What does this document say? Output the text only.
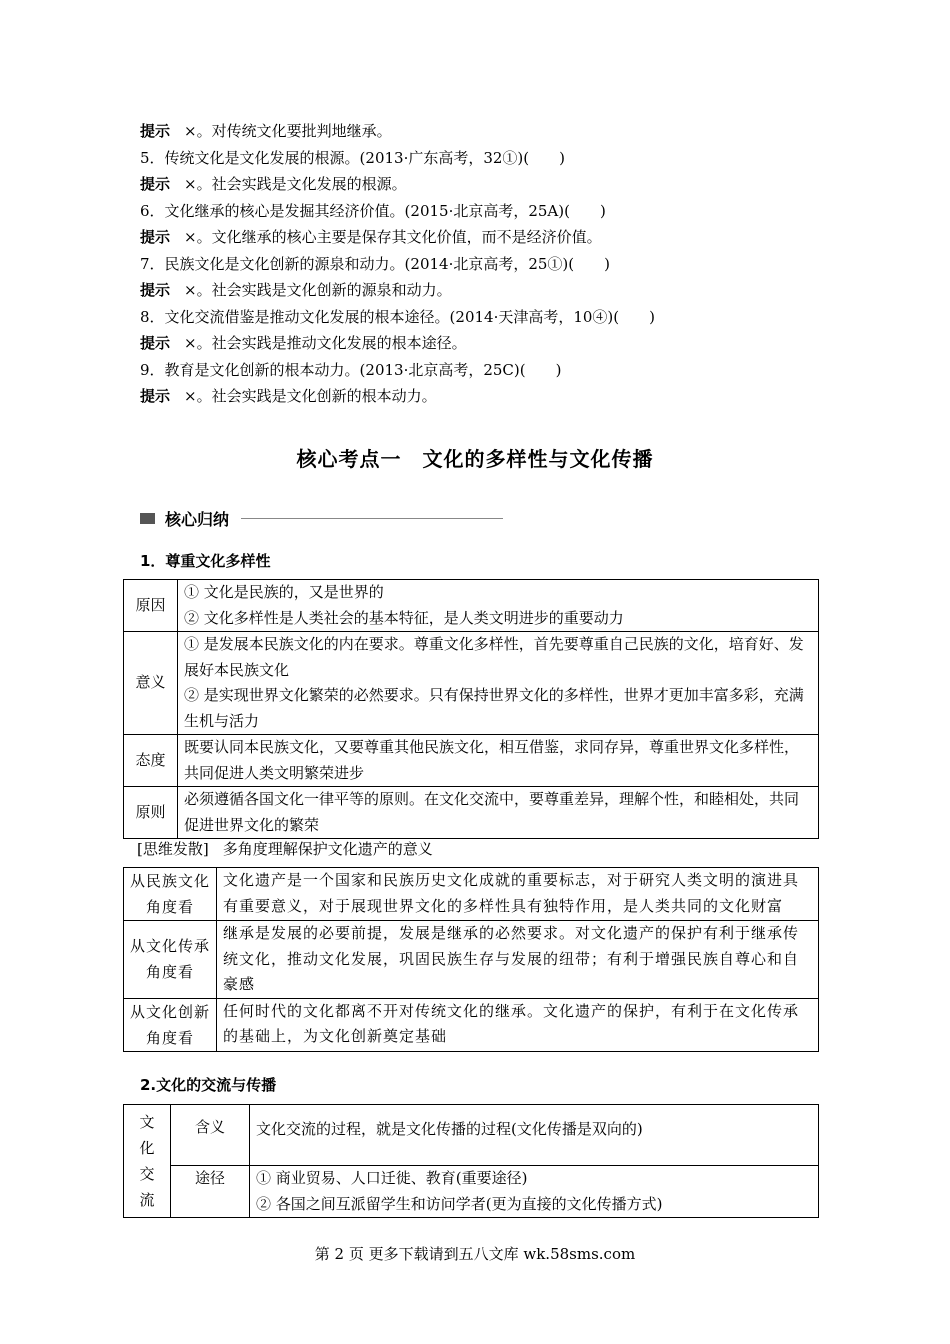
提示 ×。对传统文化要批判地继承。
5．传统文化是文化发展的根源。(2013·广东高考，32①)(　　)
提示 ×。社会实践是文化发展的根源。
6．文化继承的核心是发掘其经济价值。(2015·北京高考，25A)(　　)
提示 ×。文化继承的核心主要是保存其文化价值，而不是经济价值。
7．民族文化是文化创新的源泉和动力。(2014·北京高考，25①)(　　)
提示 ×。社会实践是文化创新的源泉和动力。
8．文化交流借鉴是推动文化发展的根本途径。(2014·天津高考，10④)(　　)
提示 ×。社会实践是推动文化发展的根本途径。
9．教育是文化创新的根本动力。(2013·北京高考，25C)(　　)
提示 ×。社会实践是文化创新的根本动力。
核心考点一　文化的多样性与文化传播
核心归纳
1．尊重文化多样性
原因	① 文化是民族的，又是世界的
② 文化多样性是人类社会的基本特征，是人类文明进步的重要动力

意义	① 是发展本民族文化的内在要求。尊重文化多样性，首先要尊重自己民族的文化，培育好、发展好本民族文化
② 是实现世界文化繁荣的必然要求。只有保持世界文化的多样性，世界才更加丰富多彩，充满生机与活力

态度	既要认同本民族文化，又要尊重其他民族文化，相互借鉴，求同存异，尊重世界文化多样性，共同促进人类文明繁荣进步

原则	必须遵循各国文化一律平等的原则。在文化交流中，要尊重差异，理解个性，和睦相处，共同促进世界文化的繁荣
[思维发散] 多角度理解保护文化遗产的意义
从民族文化角度看	文化遗产是一个国家和民族历史文化成就的重要标志，对于研究人类文明的演进具有重要意义，对于展现世界文化的多样性具有独特作用，是人类共同的文化财富
从文化传承角度看	继承是发展的必要前提，发展是继承的必然要求。对文化遗产的保护有利于继承传统文化，推动文化发展，巩固民族生存与发展的纽带；有利于增强民族自尊心和自豪感
从文化创新角度看	任何时代的文化都离不开对传统文化的继承。文化遗产的保护，有利于在文化传承的基础上，为文化创新奠定基础
2.文化的交流与传播
文
化
交
流	含义	文化交流的过程，就是文化传播的过程(文化传播是双向的)

	途径	① 商业贸易、人口迁徙、教育(重要途径)
② 各国之间互派留学生和访问学者(更为直接的文化传播方式)
第 2 页 更多下载请到五八文库 wk.58sms.com
